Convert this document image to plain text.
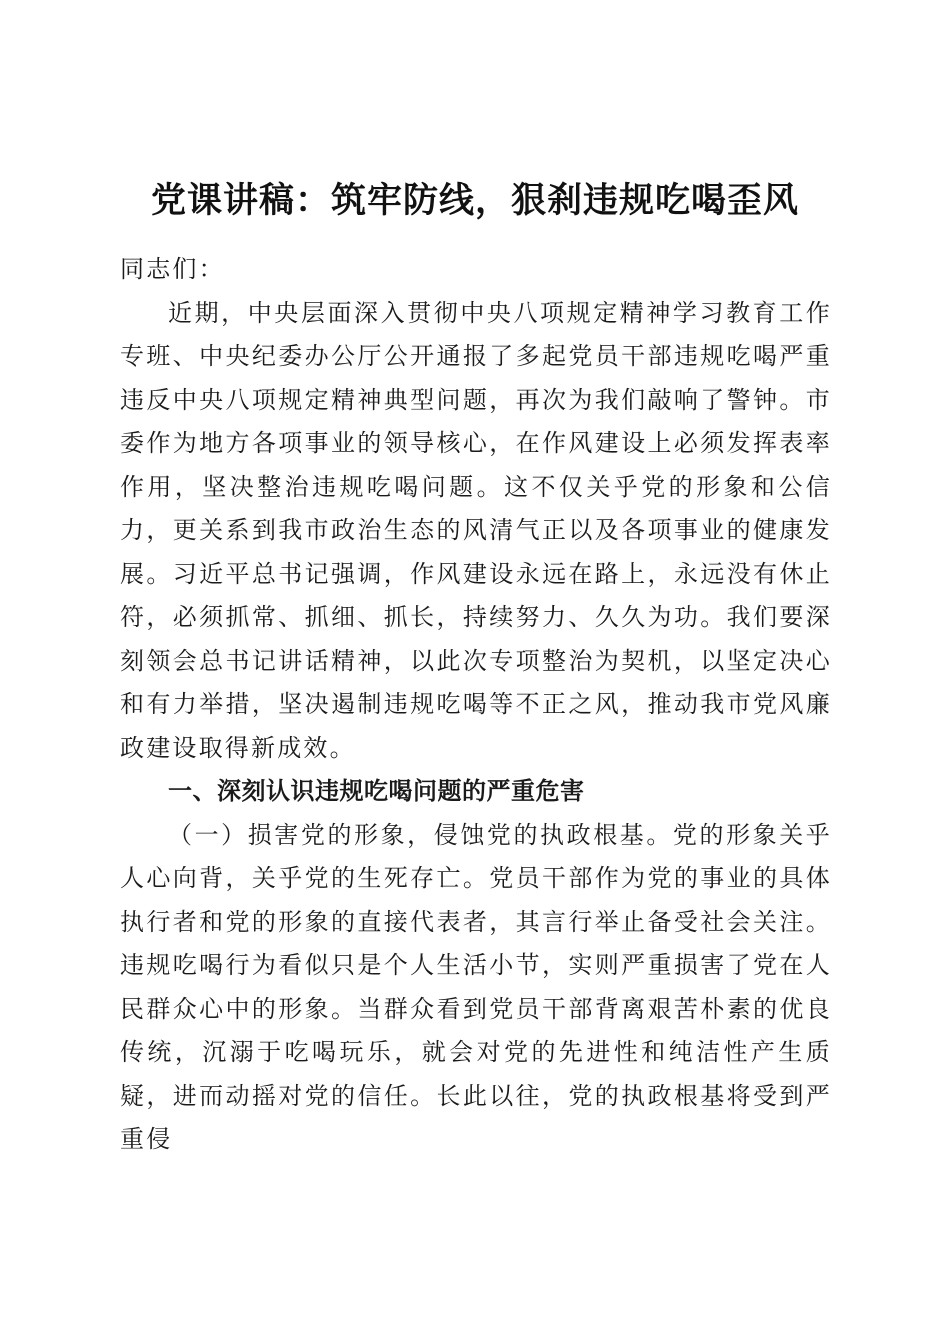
党课讲稿：筑牢防线，狠刹违规吃喝歪风

同志们：

近期，中央层面深入贯彻中央八项规定精神学习教育工作专班、中央纪委办公厅公开通报了多起党员干部违规吃喝严重违反中央八项规定精神典型问题，再次为我们敲响了警钟。市委作为地方各项事业的领导核心，在作风建设上必须发挥表率作用，坚决整治违规吃喝问题。这不仅关乎党的形象和公信力，更关系到我市政治生态的风清气正以及各项事业的健康发展。习近平总书记强调，作风建设永远在路上，永远没有休止符，必须抓常、抓细、抓长，持续努力、久久为功。我们要深刻领会总书记讲话精神，以此次专项整治为契机，以坚定决心和有力举措，坚决遏制违规吃喝等不正之风，推动我市党风廉政建设取得新成效。

一、深刻认识违规吃喝问题的严重危害

（一）损害党的形象，侵蚀党的执政根基。党的形象关乎人心向背，关乎党的生死存亡。党员干部作为党的事业的具体执行者和党的形象的直接代表者，其言行举止备受社会关注。违规吃喝行为看似只是个人生活小节，实则严重损害了党在人民群众心中的形象。当群众看到党员干部背离艰苦朴素的优良传统，沉溺于吃喝玩乐，就会对党的先进性和纯洁性产生质疑，进而动摇对党的信任。长此以往，党的执政根基将受到严重侵
